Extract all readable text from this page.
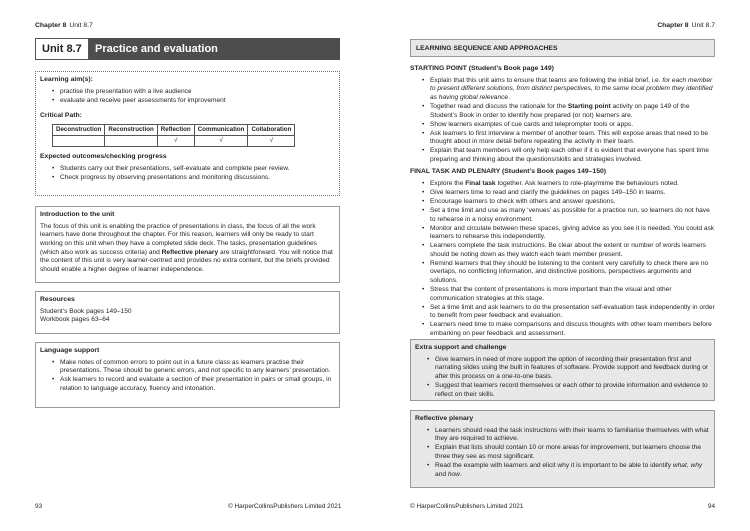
Chapter 8 Unit 8.7
Unit 8.7	Practice and evaluation
Learning aim(s):
• practise the presentation with a live audience
• evaluate and receive peer assessments for improvement
Critical Path:
Deconstruction	Reconstruction	Reflection	Communication	Collaboration
		√	√	√
Expected outcomes/checking progress
• Students carry out their presentations, self-evaluate and complete peer review.
• Check progress by observing presentations and monitoring discussions.
Introduction to the unit

The focus of this unit is enabling the practice of presentations in class, the focus of all the work learners have done throughout the chapter. For this reason, learners will only be ready to start working on this unit when they have a completed slide deck. The tasks, presentation guidelines (which also work as success criteria) and Reflective plenary are straightforward. You will notice that the content of this unit is very learner-centred and provides no extra content, but the briefs provided should enable a higher degree of learner independence.

Resources
Student’s Book pages 149–150
Workbook pages 63–64
Language support
• Make notes of common errors to point out in a future class as learners practise their presentations. These should be generic errors, and not specific to any learners’ presentation.
• Ask learners to record and evaluate a section of their presentation in pairs or small groups, in relation to language accuracy, fluency and intonation.
93	© HarperCollinsPublishers Limited 2021
Chapter 8 Unit 8.7
© HarperCollinsPublishers Limited 2021	94
LEARNING SEQUENCE AND APPROACHES
STARTING POINT (Student’s Book page 149)
• Explain that this unit aims to ensure that teams are following the initial brief, i.e. for each member to present different solutions, from distinct perspectives, to the same local problem they identified as having global relevance.
• Together read and discuss the rationale for the Starting point activity on page 149 of the Student’s Book in order to identify how prepared (or not) learners are.
• Show learners examples of cue cards and teleprompter tools or apps.
• Ask learners to first interview a member of another team. This will expose areas that need to be thought about in more detail before repeating the activity in their team.
• Explain that team members will only help each other if it is evident that everyone has spent time preparing and thinking about the questions/skills and strategies involved.
FINAL TASK AND PLENARY (Student’s Book pages 149–150)
• Explore the Final task together. Ask learners to role-play/mime the behaviours noted.
• Give learners time to read and clarify the guidelines on pages 149–150 in teams.
• Encourage learners to check with others and answer questions.
• Set a time limit and use as many ‘venues’ as possible for a practice run, so learners do not have to rehearse in a noisy environment.
• Monitor and circulate between these spaces, giving advice as you see it is needed. You could ask learners to rehearse this independently.
• Learners complete the task instructions. Be clear about the extent or number of words learners should be noting down as they watch each team member present.
• Remind learners that they should be listening to the content very carefully to check there are no overlaps, no conflicting information, and distinctive positions, perspectives arguments and solutions.
• Stress that the content of presentations is more important than the visual and other communication strategies at this stage.
• Set a time limit and ask learners to do the presentation self-evaluation task independently in order to benefit from peer feedback and evaluation.
• Learners need time to make comparisons and discuss thoughts with other team members before embarking on peer feedback and assessment.
Extra support and challenge
• Give learners in need of more support the option of recording their presentation first and narrating slides using the built in features of software. Provide support and feedback during or after this process on a one-to-one basis.
• Suggest that learners record themselves or each other to provide information and evidence to reflect on their skills.
Reflective plenary
• Learners should read the task instructions with their teams to familiarise themselves with what they are required to achieve.
• Explain that lists should contain 10 or more areas for improvement, but learners choose the three they see as most significant.
• Read the example with learners and elicit why it is important to be able to identify what, why and how.
